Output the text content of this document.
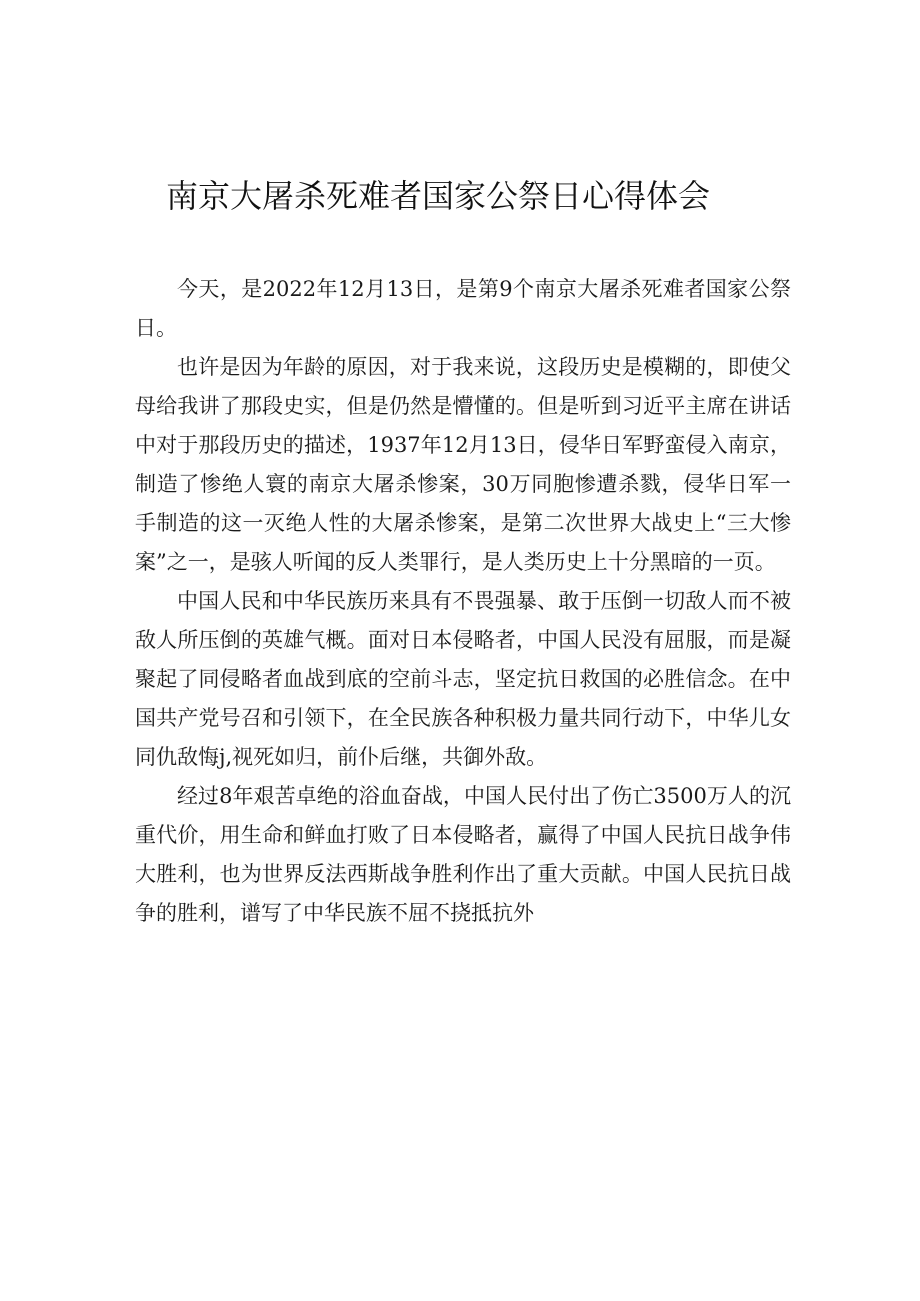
南京大屠杀死难者国家公祭日心得体会

今天，是2022年12月13日，是第9个南京大屠杀死难者国家公祭日。

也许是因为年龄的原因，对于我来说，这段历史是模糊的，即使父母给我讲了那段史实，但是仍然是懵懂的。但是听到习近平主席在讲话中对于那段历史的描述，1937年12月13日，侵华日军野蛮侵入南京，制造了惨绝人寰的南京大屠杀惨案，30万同胞惨遭杀戮，侵华日军一手制造的这一灭绝人性的大屠杀惨案，是第二次世界大战史上“三大惨案”之一，是骇人听闻的反人类罪行，是人类历史上十分黑暗的一页。

中国人民和中华民族历来具有不畏强暴、敢于压倒一切敌人而不被敌人所压倒的英雄气概。面对日本侵略者，中国人民没有屈服，而是凝聚起了同侵略者血战到底的空前斗志，坚定抗日救国的必胜信念。在中国共产党号召和引领下，在全民族各种积极力量共同行动下，中华儿女同仇敌悔j,视死如归，前仆后继，共御外敌。

经过8年艰苦卓绝的浴血奋战，中国人民付出了伤亡3500万人的沉重代价，用生命和鲜血打败了日本侵略者，赢得了中国人民抗日战争伟大胜利，也为世界反法西斯战争胜利作出了重大贡献。中国人民抗日战争的胜利，谱写了中华民族不屈不挠抵抗外
